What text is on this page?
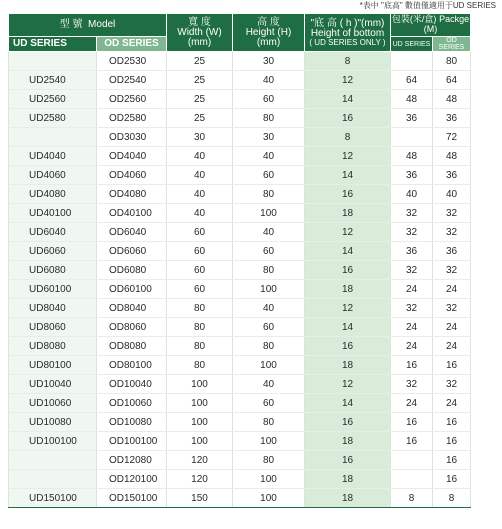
*表中 "底高" 數值僅適用于UD SERIES
型 號 Model		寬 度
Width (W)
(mm)	高 度
Height (H)
(mm)	"底 高 ( h )"(mm)
Height of bottom
( UD SERIES ONLY )	包裝(米/盒) Packge (M)	
UD SERIES	OD SERIES				UD SERIES	OD SERIES
	OD2530	25	30	8		80
UD2540	OD2540	25	40	12	64	64
UD2560	OD2560	25	60	14	48	48
UD2580	OD2580	25	80	16	36	36
	OD3030	30	30	8		72
UD4040	OD4040	40	40	12	48	48
UD4060	OD4060	40	60	14	36	36
UD4080	OD4080	40	80	16	40	40
UD40100	OD40100	40	100	18	32	32
UD6040	OD6040	60	40	12	32	32
UD6060	OD6060	60	60	14	36	36
UD6080	OD6080	60	80	16	32	32
UD60100	OD60100	60	100	18	24	24
UD8040	OD8040	80	40	12	32	32
UD8060	OD8060	80	60	14	24	24
UD8080	OD8080	80	80	16	24	24
UD80100	OD80100	80	100	18	16	16
UD10040	OD10040	100	40	12	32	32
UD10060	OD10060	100	60	14	24	24
UD10080	OD10080	100	80	16	16	16
UD100100	OD100100	100	100	18	16	16
	OD12080	120	80	16		16
	OD120100	120	100	18		16
UD150100	OD150100	150	100	18	8	8
